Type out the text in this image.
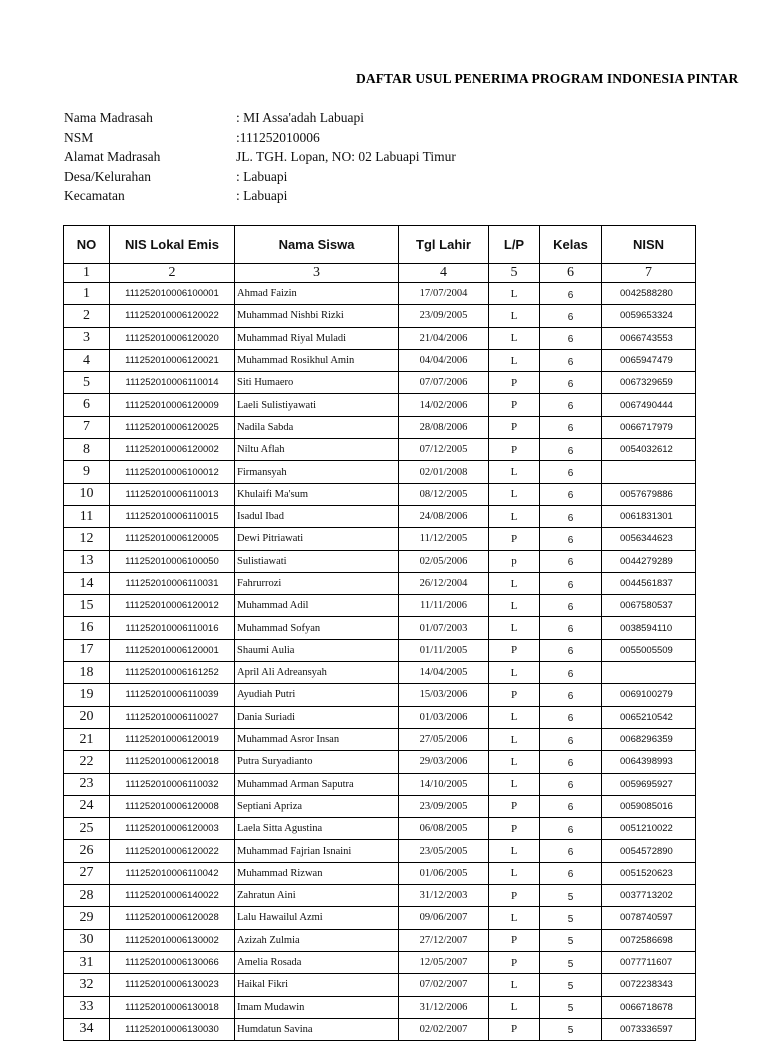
DAFTAR USUL PENERIMA PROGRAM INDONESIA PINTAR
Nama Madrasah	: MI Assa'adah Labuapi
NSM	:111252010006
Alamat Madrasah	JL. TGH. Lopan, NO: 02 Labuapi Timur
Desa/Kelurahan	: Labuapi
Kecamatan	: Labuapi
NO	NIS Lokal Emis	Nama Siswa	Tgl Lahir	L/P	Kelas	NISN
1	2	3	4	5	6	7
1	111252010006100001	Ahmad Faizin	17/07/2004	L	6	0042588280
2	111252010006120022	Muhammad Nishbi Rizki	23/09/2005	L	6	0059653324
3	111252010006120020	Muhammad Riyal Muladi	21/04/2006	L	6	0066743553
4	111252010006120021	Muhammad Rosikhul Amin	04/04/2006	L	6	0065947479
5	111252010006110014	Siti Humaero	07/07/2006	P	6	0067329659
6	111252010006120009	Laeli Sulistiyawati	14/02/2006	P	6	0067490444
7	111252010006120025	Nadila Sabda	28/08/2006	P	6	0066717979
8	111252010006120002	Niltu Aflah	07/12/2005	P	6	0054032612
9	111252010006100012	Firmansyah	02/01/2008	L	6	
10	111252010006110013	Khulaifi Ma'sum	08/12/2005	L	6	0057679886
11	111252010006110015	Isadul Ibad	24/08/2006	L	6	0061831301
12	111252010006120005	Dewi Pitriawati	11/12/2005	P	6	0056344623
13	111252010006100050	Sulistiawati	02/05/2006	p	6	0044279289
14	111252010006110031	Fahrurrozi	26/12/2004	L	6	0044561837
15	111252010006120012	Muhammad Adil	11/11/2006	L	6	0067580537
16	111252010006110016	Muhammad Sofyan	01/07/2003	L	6	0038594110
17	111252010006120001	Shaumi Aulia	01/11/2005	P	6	0055005509
18	111252010006161252	April Ali Adreansyah	14/04/2005	L	6	
19	111252010006110039	Ayudiah Putri	15/03/2006	P	6	0069100279
20	111252010006110027	Dania Suriadi	01/03/2006	L	6	0065210542
21	111252010006120019	Muhammad Asror Insan	27/05/2006	L	6	0068296359
22	111252010006120018	Putra Suryadianto	29/03/2006	L	6	0064398993
23	111252010006110032	Muhammad Arman Saputra	14/10/2005	L	6	0059695927
24	111252010006120008	Septiani Apriza	23/09/2005	P	6	0059085016
25	111252010006120003	Laela Sitta Agustina	06/08/2005	P	6	0051210022
26	111252010006120022	Muhammad Fajrian Isnaini	23/05/2005	L	6	0054572890
27	111252010006110042	Muhammad Rizwan	01/06/2005	L	6	0051520623
28	111252010006140022	Zahratun Aini	31/12/2003	P	5	0037713202
29	111252010006120028	Lalu Hawailul Azmi	09/06/2007	L	5	0078740597
30	111252010006130002	Azizah Zulmia	27/12/2007	P	5	0072586698
31	111252010006130066	Amelia Rosada	12/05/2007	P	5	0077711607
32	111252010006130023	Haikal Fikri	07/02/2007	L	5	0072238343
33	111252010006130018	Imam Mudawin	31/12/2006	L	5	0066718678
34	111252010006130030	Humdatun Savina	02/02/2007	P	5	0073336597
